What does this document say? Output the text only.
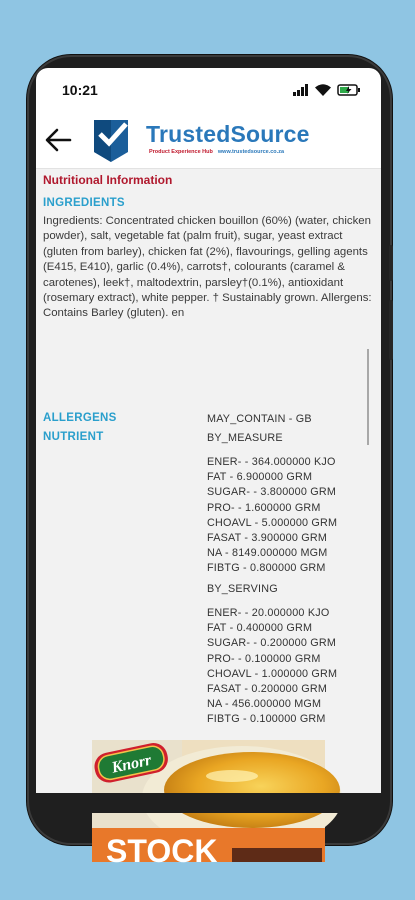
10:21
TrustedSource
Product Experience Hub www.trustedsource.co.za
Nutritional Information
INGREDIENTS
Ingredients: Concentrated chicken bouillon (60%) (water, chicken powder), salt, vegetable fat (palm fruit), sugar, yeast extract (gluten from barley), chicken fat (2%), flavourings, gelling agents (E415, E410), garlic (0.4%), carrots†, colourants (caramel & carotenes), leek†, maltodextrin, parsley†(0.1%), antioxidant (rosemary extract), white pepper. † Sustainably grown. Allergens: Contains Barley (gluten). en
ALLERGENS	MAY_CONTAIN - GB
NUTRIENT	BY_MEASURE
ENER- - 364.000000 KJO
FAT - 6.900000 GRM
SUGAR- - 3.800000 GRM
PRO- - 1.600000 GRM
CHOAVL - 5.000000 GRM
FASAT - 3.900000 GRM
NA - 8149.000000 MGM
FIBTG - 0.800000 GRM
BY_SERVING
ENER- - 20.000000 KJO
FAT - 0.400000 GRM
SUGAR- - 0.200000 GRM
PRO- - 0.100000 GRM
CHOAVL - 1.000000 GRM
FASAT - 0.200000 GRM
NA - 456.000000 MGM
FIBTG - 0.100000 GRM
STOCK
Knorr
